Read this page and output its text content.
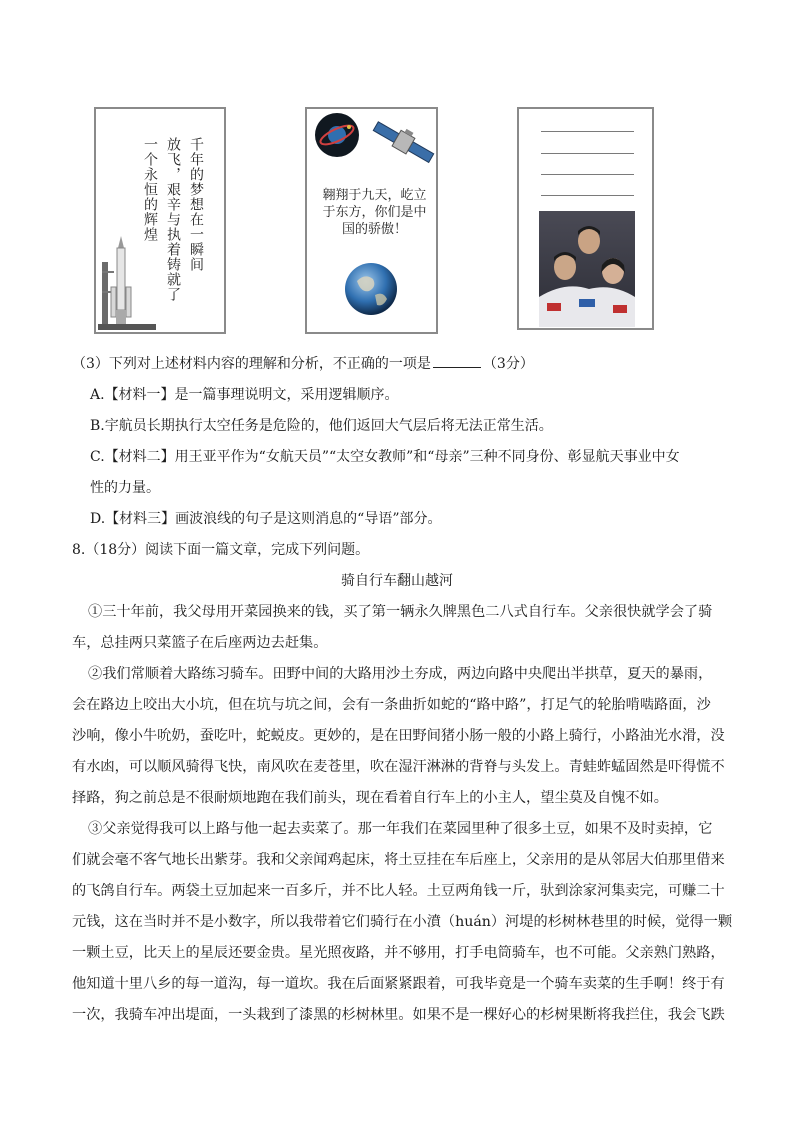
千年的梦想在一瞬间
放飞，艰辛与执着铸就了
一个永恒的辉煌	翱翔于九天，屹立于东方，你们是中国的骄傲！
（3）下列对上述材料内容的理解和分析，不正确的一项是	（3分）
A.【材料一】是一篇事理说明文，采用逻辑顺序。
B.宇航员长期执行太空任务是危险的，他们返回大气层后将无法正常生活。
C.【材料二】用王亚平作为“女航天员”“太空女教师”和“母亲”三种不同身份、彰显航天事业中女
性的力量。
D.【材料三】画波浪线的句子是这则消息的“导语”部分。
8.（18分）阅读下面一篇文章，完成下列问题。
骑自行车翻山越河
①三十年前，我父母用开菜园换来的钱，买了第一辆永久牌黑色二八式自行车。父亲很快就学会了骑
车，总挂两只菜篮子在后座两边去赶集。
②我们常顺着大路练习骑车。田野中间的大路用沙土夯成，两边向路中央爬出半拱草，夏天的暴雨，
会在路边上咬出大小坑，但在坑与坑之间，会有一条曲折如蛇的“路中路”，打足气的轮胎啃啮路面，沙
沙响，像小牛吮奶，蚕吃叶，蛇蜕皮。更妙的，是在田野间猪小肠一般的小路上骑行，小路油光水滑，没
有水凼，可以顺风骑得飞快，南风吹在麦苍里，吹在湿汗淋淋的背脊与头发上。青蛙蚱蜢固然是吓得慌不
择路，狗之前总是不很耐烦地跑在我们前头，现在看着自行车上的小主人，望尘莫及自愧不如。
③父亲觉得我可以上路与他一起去卖菜了。那一年我们在菜园里种了很多土豆，如果不及时卖掉，它
们就会毫不客气地长出紫芽。我和父亲闻鸡起床，将土豆挂在车后座上，父亲用的是从邻居大伯那里借来
的飞鸽自行车。两袋土豆加起来一百多斤，并不比人轻。土豆两角钱一斤，驮到涂家河集卖完，可赚二十
元钱，这在当时并不是小数字，所以我带着它们骑行在小濆（huán）河堤的杉树林巷里的时候，觉得一颗
一颗土豆，比天上的星辰还要金贵。星光照夜路，并不够用，打手电筒骑车，也不可能。父亲熟门熟路，
他知道十里八乡的每一道沟，每一道坎。我在后面紧紧跟着，可我毕竟是一个骑车卖菜的生手啊！终于有
一次，我骑车冲出堤面，一头栽到了漆黑的杉树林里。如果不是一棵好心的杉树果断将我拦住，我会飞跌
